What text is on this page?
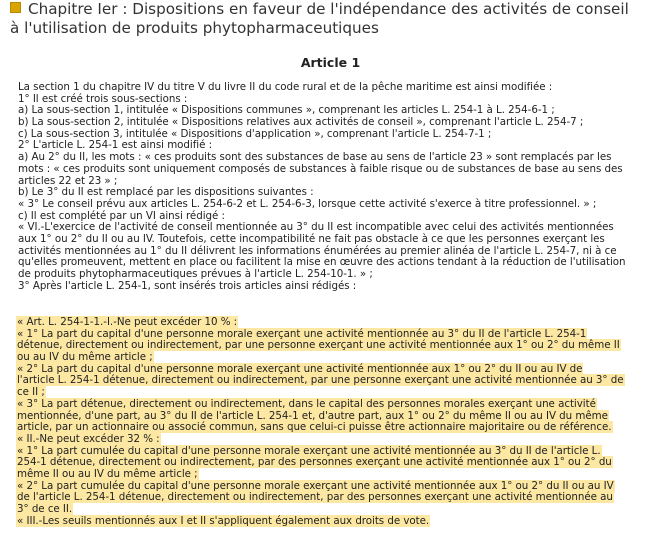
Chapitre Ier : Dispositions en faveur de l'indépendance des activités de conseil
à l'utilisation de produits phytopharmaceutiques
Article 1
La section 1 du chapitre IV du titre V du livre II du code rural et de la pêche maritime est ainsi modifiée :
1° Il est créé trois sous-sections :
a) La sous-section 1, intitulée « Dispositions communes », comprenant les articles L. 254-1 à L. 254-6-1 ;
b) La sous-section 2, intitulée « Dispositions relatives aux activités de conseil », comprenant l'article L. 254-7 ;
c) La sous-section 3, intitulée « Dispositions d'application », comprenant l'article L. 254-7-1 ;
2° L'article L. 254-1 est ainsi modifié :
a) Au 2° du II, les mots : « ces produits sont des substances de base au sens de l'article 23 » sont remplacés par les
mots : « ces produits sont uniquement composés de substances à faible risque ou de substances de base au sens des
articles 22 et 23 » ;
b) Le 3° du II est remplacé par les dispositions suivantes :
« 3° Le conseil prévu aux articles L. 254-6-2 et L. 254-6-3, lorsque cette activité s'exerce à titre professionnel. » ;
c) Il est complété par un VI ainsi rédigé :
« VI.-L'exercice de l'activité de conseil mentionnée au 3° du II est incompatible avec celui des activités mentionnées
aux 1° ou 2° du II ou au IV. Toutefois, cette incompatibilité ne fait pas obstacle à ce que les personnes exerçant les
activités mentionnées au 1° du II délivrent les informations énumérées au premier alinéa de l'article L. 254-7, ni à ce
qu'elles promeuvent, mettent en place ou facilitent la mise en œuvre des actions tendant à la réduction de l'utilisation
de produits phytopharmaceutiques prévues à l'article L. 254-10-1. » ;
3° Après l'article L. 254-1, sont insérés trois articles ainsi rédigés :
« Art. L. 254-1-1.-I.-Ne peut excéder 10 % :
« 1° La part du capital d'une personne morale exerçant une activité mentionnée au 3° du II de l'article L. 254-1
détenue, directement ou indirectement, par une personne exerçant une activité mentionnée aux 1° ou 2° du même II
ou au IV du même article ;
« 2° La part du capital d'une personne morale exerçant une activité mentionnée aux 1° ou 2° du II ou au IV de
l'article L. 254-1 détenue, directement ou indirectement, par une personne exerçant une activité mentionnée au 3° de
ce II ;
« 3° La part détenue, directement ou indirectement, dans le capital des personnes morales exerçant une activité
mentionnée, d'une part, au 3° du II de l'article L. 254-1 et, d'autre part, aux 1° ou 2° du même II ou au IV du même
article, par un actionnaire ou associé commun, sans que celui-ci puisse être actionnaire majoritaire ou de référence.
« II.-Ne peut excéder 32 % :
« 1° La part cumulée du capital d'une personne morale exerçant une activité mentionnée au 3° du II de l'article L.
254-1 détenue, directement ou indirectement, par des personnes exerçant une activité mentionnée aux 1° ou 2° du
même II ou au IV du même article ;
« 2° La part cumulée du capital d'une personne morale exerçant une activité mentionnée aux 1° ou 2° du II ou au IV
de l'article L. 254-1 détenue, directement ou indirectement, par des personnes exerçant une activité mentionnée au
3° de ce II.
« III.-Les seuils mentionnés aux I et II s'appliquent également aux droits de vote.
